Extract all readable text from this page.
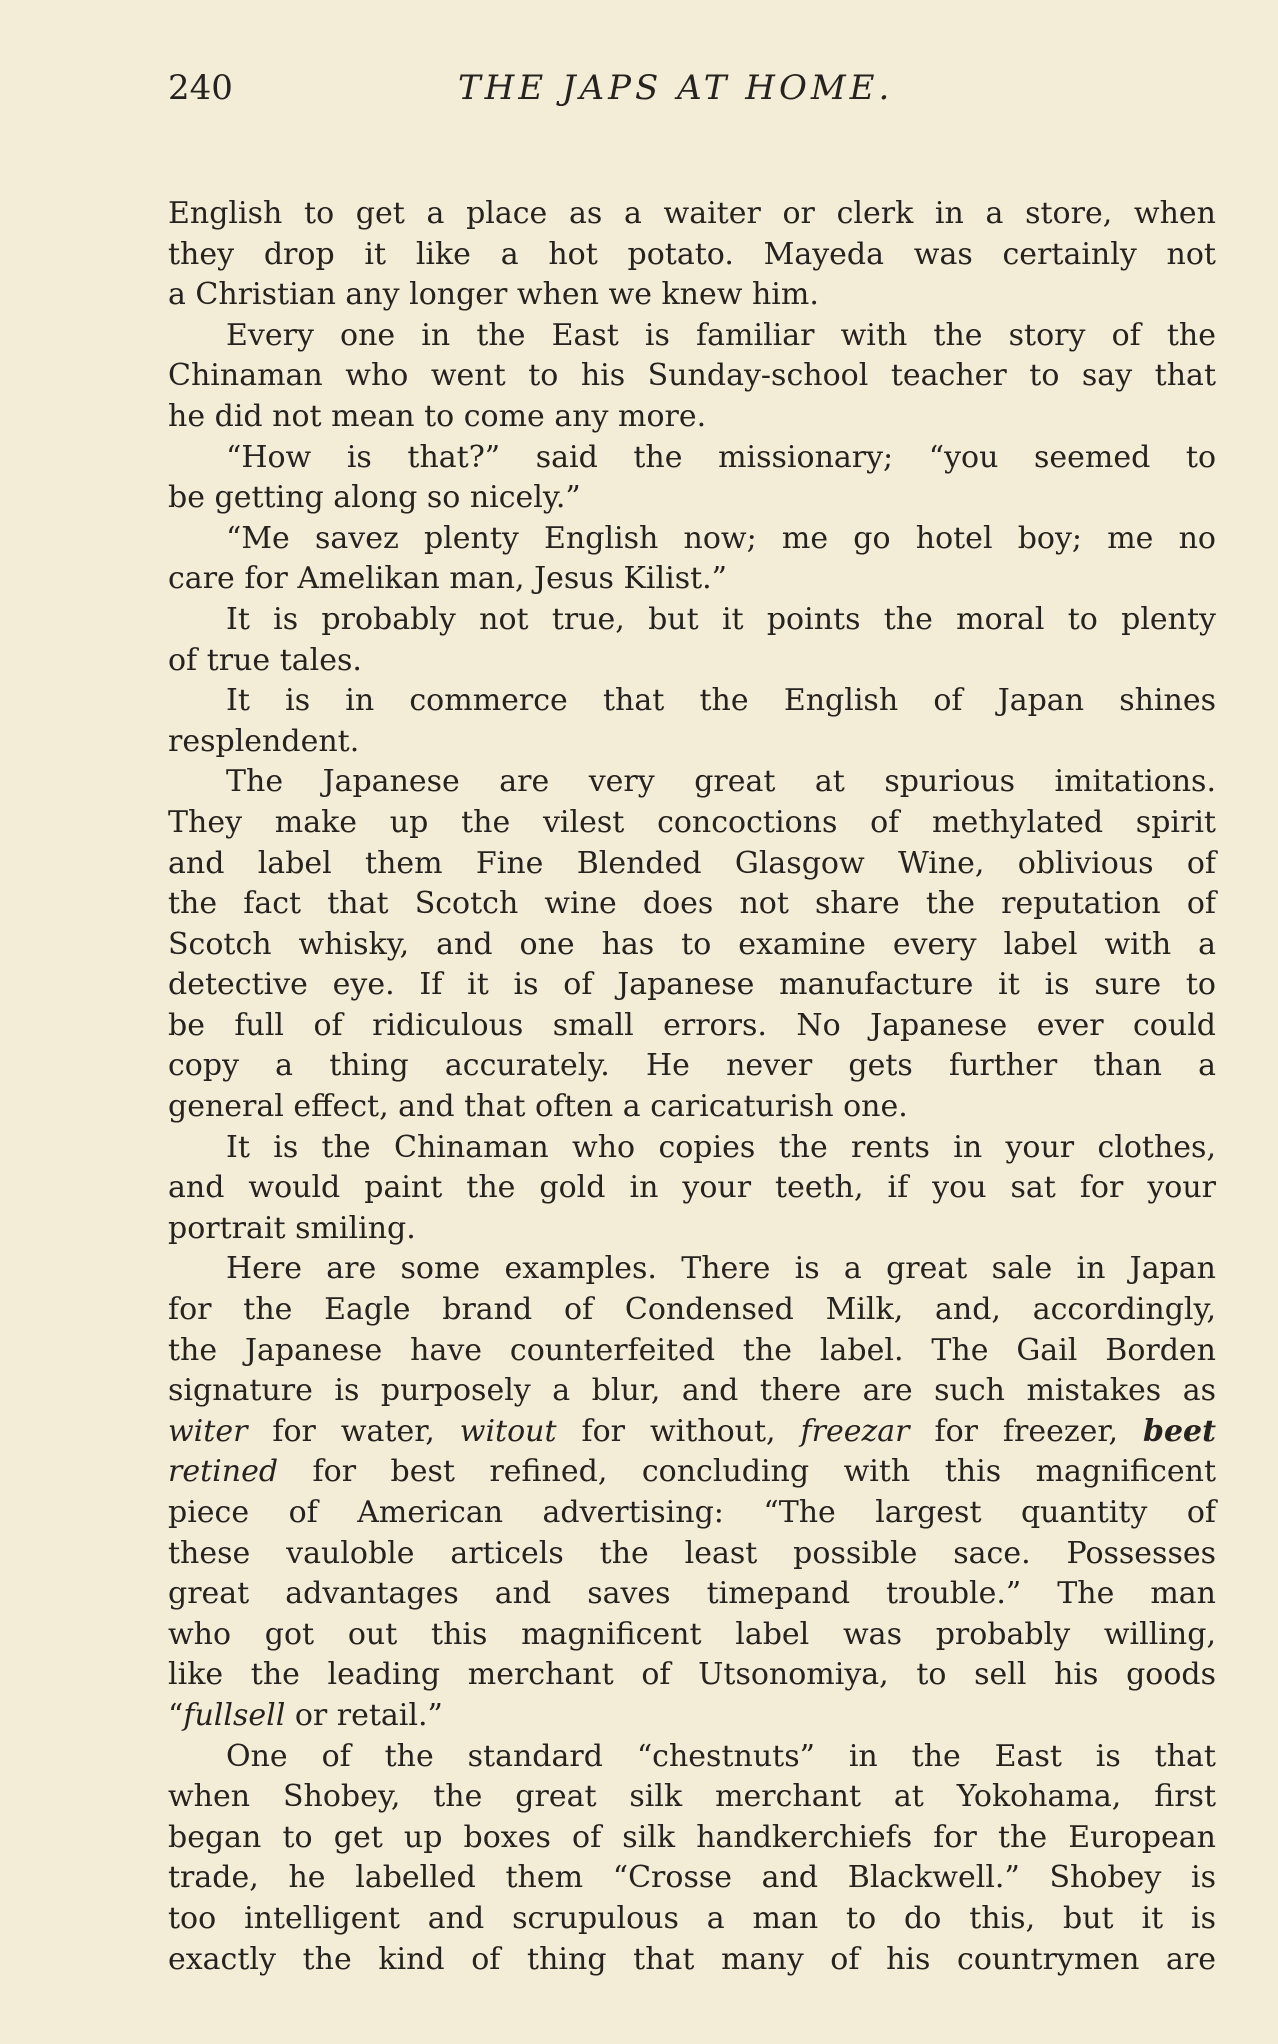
240	THE JAPS AT HOME.
English to get a place as a waiter or clerk in a store, when
they drop it like a hot potato. Mayeda was certainly not
a Christian any longer when we knew him.
Every one in the East is familiar with the story of the
Chinaman who went to his Sunday-school teacher to say that
he did not mean to come any more.
“How is that?” said the missionary; “you seemed to
be getting along so nicely.”
“Me savez plenty English now; me go hotel boy; me no
care for Amelikan man, Jesus Kilist.”
It is probably not true, but it points the moral to plenty
of true tales.
It is in commerce that the English of Japan shines
resplendent.
The Japanese are very great at spurious imitations.
They make up the vilest concoctions of methylated spirit
and label them Fine Blended Glasgow Wine, oblivious of
the fact that Scotch wine does not share the reputation of
Scotch whisky, and one has to examine every label with a
detective eye. If it is of Japanese manufacture it is sure to
be full of ridiculous small errors. No Japanese ever could
copy a thing accurately. He never gets further than a
general effect, and that often a caricaturish one.
It is the Chinaman who copies the rents in your clothes,
and would paint the gold in your teeth, if you sat for your
portrait smiling.
Here are some examples. There is a great sale in Japan
for the Eagle brand of Condensed Milk, and, accordingly,
the Japanese have counterfeited the label. The Gail Borden
signature is purposely a blur, and there are such mistakes as
witer for water, witout for without, freezar for freezer, beet
retined for best refined, concluding with this magnificent
piece of American advertising: “The largest quantity of
these vauloble articels the least possible sace. Possesses
great advantages and saves timepand trouble.” The man
who got out this magnificent label was probably willing,
like the leading merchant of Utsonomiya, to sell his goods
“fullsell or retail.”
One of the standard “chestnuts” in the East is that
when Shobey, the great silk merchant at Yokohama, first
began to get up boxes of silk handkerchiefs for the European
trade, he labelled them “Crosse and Blackwell.” Shobey is
too intelligent and scrupulous a man to do this, but it is
exactly the kind of thing that many of his countrymen are
